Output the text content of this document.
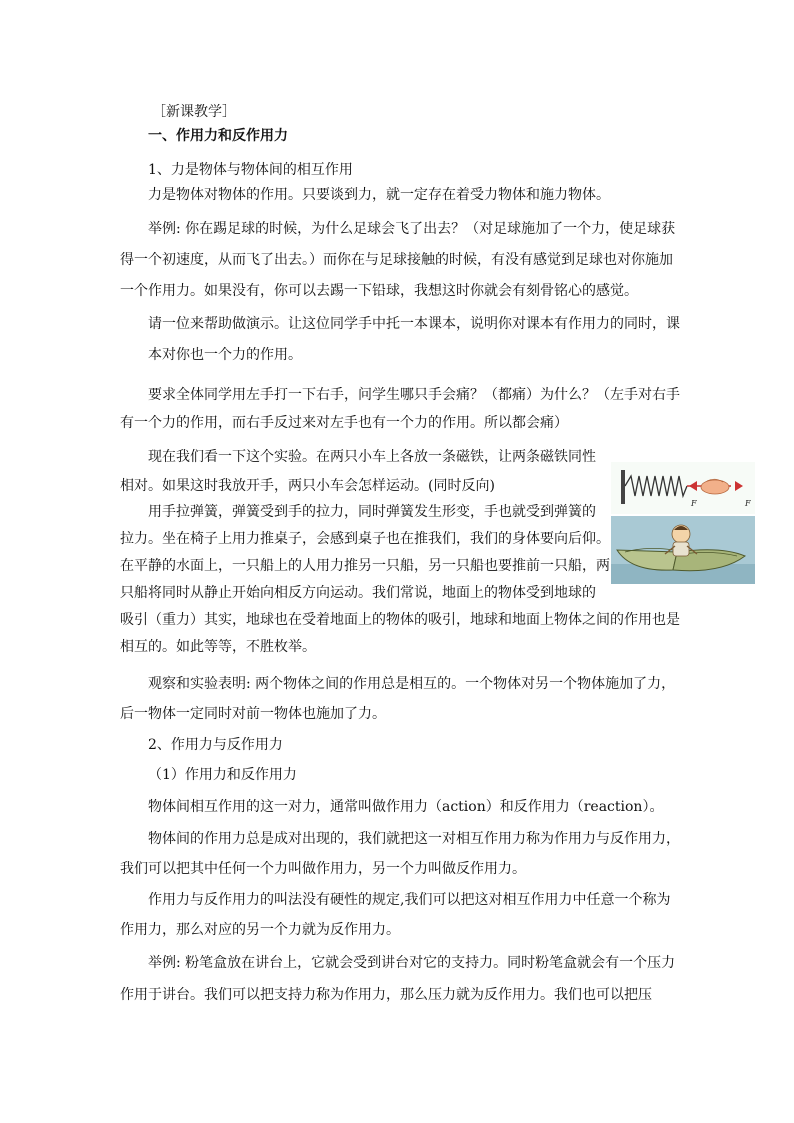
［新课教学］
一、作用力和反作用力
1、力是物体与物体间的相互作用
力是物体对物体的作用。只要谈到力，就一定存在着受力物体和施力物体。
举例: 你在踢足球的时候，为什么足球会飞了出去？（对足球施加了一个力，使足球获
得一个初速度，从而飞了出去。）而你在与足球接触的时候，有没有感觉到足球也对你施加
一个作用力。如果没有，你可以去踢一下铅球，我想这时你就会有刻骨铭心的感觉。
请一位来帮助做演示。让这位同学手中托一本课本，说明你对课本有作用力的同时，课
本对你也一个力的作用。
要求全体同学用左手打一下右手，问学生哪只手会痛？（都痛）为什么？（左手对右手
有一个力的作用，而右手反过来对左手也有一个力的作用。所以都会痛）
现在我们看一下这个实验。在两只小车上各放一条磁铁，让两条磁铁同性
相对。如果这时我放开手，两只小车会怎样运动。(同时反向)
用手拉弹簧，弹簧受到手的拉力，同时弹簧发生形变，手也就受到弹簧的
拉力。坐在椅子上用力推桌子，会感到桌子也在推我们，我们的身体要向后仰。
在平静的水面上，一只船上的人用力推另一只船，另一只船也要推前一只船，两
只船将同时从静止开始向相反方向运动。我们常说，地面上的物体受到地球的
吸引（重力）其实，地球也在受着地面上的物体的吸引，地球和地面上物体之间的作用也是
相互的。如此等等，不胜枚举。
观察和实验表明: 两个物体之间的作用总是相互的。一个物体对另一个物体施加了力，
后一物体一定同时对前一物体也施加了力。
2、作用力与反作用力
（1）作用力和反作用力
物体间相互作用的这一对力，通常叫做作用力（action）和反作用力（reaction）。
物体间的作用力总是成对出现的，我们就把这一对相互作用力称为作用力与反作用力，
我们可以把其中任何一个力叫做作用力，另一个力叫做反作用力。
作用力与反作用力的叫法没有硬性的规定,我们可以把这对相互作用力中任意一个称为
作用力，那么对应的另一个力就为反作用力。
举例: 粉笔盒放在讲台上，它就会受到讲台对它的支持力。同时粉笔盒就会有一个压力
作用于讲台。我们可以把支持力称为作用力，那么压力就为反作用力。我们也可以把压
F	F
